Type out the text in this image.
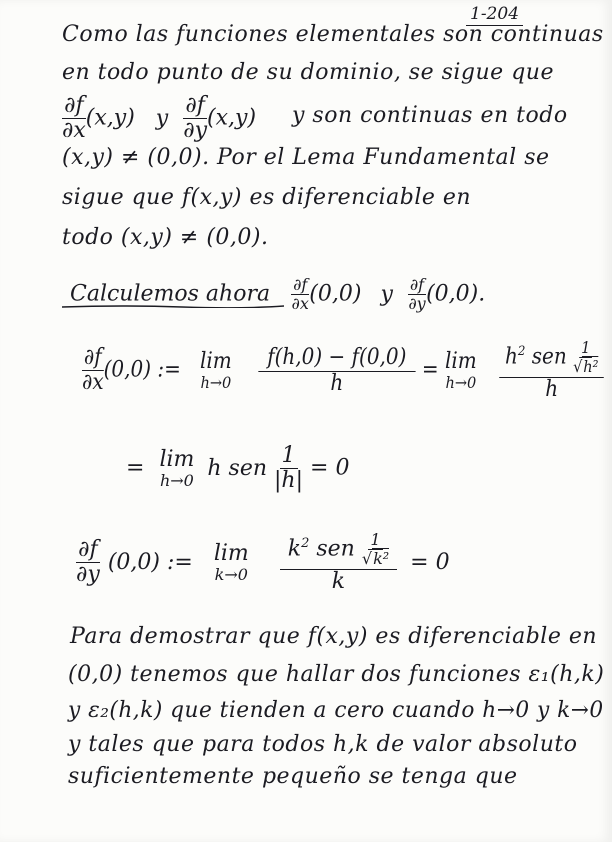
1-204
Como las funciones elementales son continuas
en todo punto de su dominio, se sigue que
$\frac{\partial f}{\partial x} (x,y)$ y $\frac{\partial f}{\partial y} (x,y)$ y son continuas en todo
(x,y) ≠ (0,0). Por el Lema Fundamental se
sigue que f(x,y) es diferenciable en
todo (x,y) ≠ (0,0).
Calculemos ahora $\frac{\partial f}{\partial x} (0,0)$ y $\frac{\partial f}{\partial y} (0,0)$.
$\frac{\partial f}{\partial x} (0,0)$ := lim
h→0
$\frac{f(h,0) - f(0,0)}{h} = \lim$
h→0
$\frac{h^2 sen \frac{1}{\text{√h²}}}{h}$
= lim
h→0 h sen $\frac{1}{|h|} = 0$
$\frac{\partial f}{\partial y} (0,0)$ := lim
k→0
$\frac{k^2 sen \frac{1}{\text{√k²}}}{k} = 0$
Para demostrar que f(x,y) es diferenciable en
(0,0) tenemos que hallar dos funciones ε₁(h,k)
y ε₂(h,k) que tienden a cero cuando h→0 y k→0
y tales que para todos h,k de valor absoluto
suficientemente pequeño se tenga que
